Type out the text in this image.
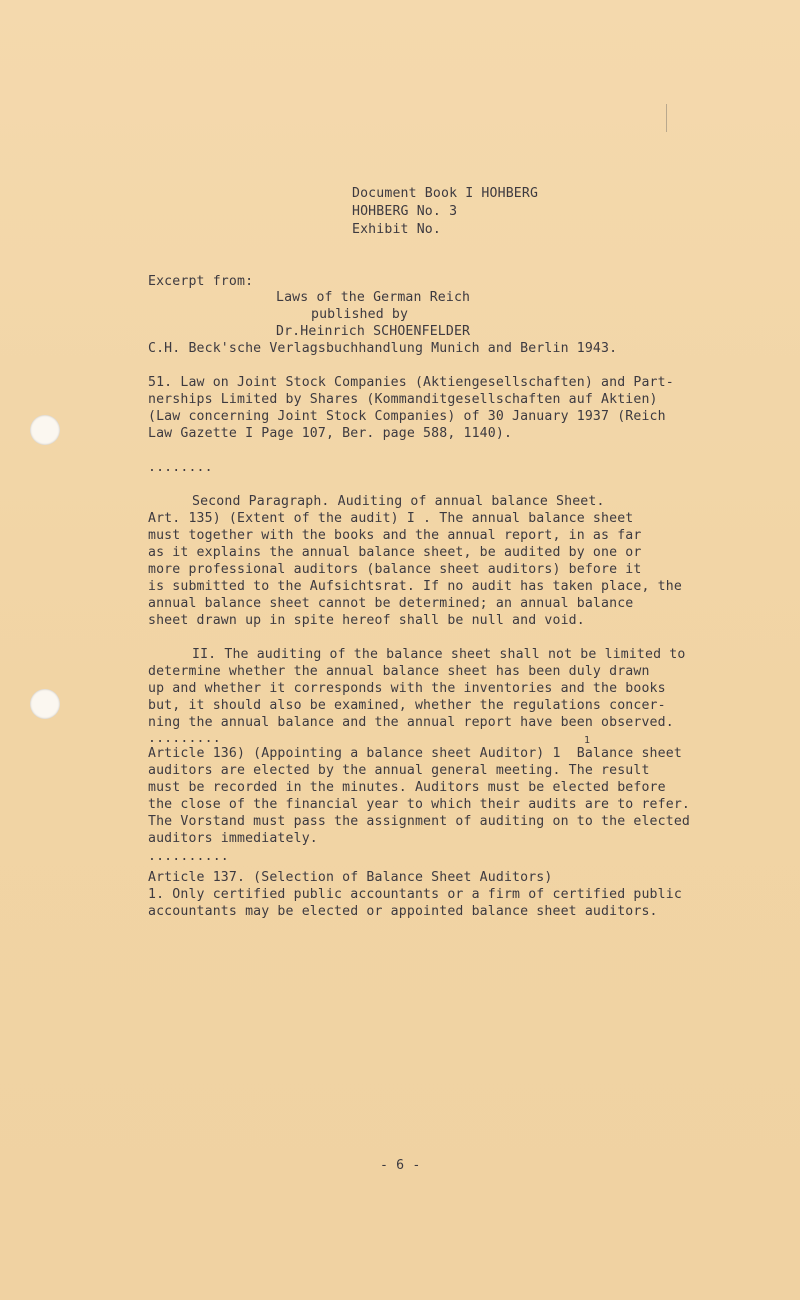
Document Book I HOHBERG
HOHBERG No. 3
Exhibit No.
Excerpt from:
Laws of the German Reich
published by
Dr.Heinrich SCHOENFELDER
C.H. Beck'sche Verlagsbuchhandlung Munich and Berlin 1943.
51. Law on Joint Stock Companies (Aktiengesellschaften) and Part-
nerships Limited by Shares (Kommanditgesellschaften auf Aktien)
(Law concerning Joint Stock Companies) of 30 January 1937 (Reich
Law Gazette I Page 107, Ber. page 588, 1140).
........
Second Paragraph. Auditing of annual balance Sheet.
Art. 135) (Extent of the audit) I . The annual balance sheet
must together with the books and the annual report, in as far
as it explains the annual balance sheet, be audited by one or
more professional auditors (balance sheet auditors) before it
is submitted to the Aufsichtsrat. If no audit has taken place, the
annual balance sheet cannot be determined; an annual balance
sheet drawn up in spite hereof shall be null and void.
II. The auditing of the balance sheet shall not be limited to
determine whether the annual balance sheet has been duly drawn
up and whether it corresponds with the inventories and the books
but, it should also be examined, whether the regulations concer-
ning the annual balance and the annual report have been observed.
.........	1
Article 136) (Appointing a balance sheet Auditor) 1  Balance sheet
auditors are elected by the annual general meeting. The result
must be recorded in the minutes. Auditors must be elected before
the close of the financial year to which their audits are to refer.
The Vorstand must pass the assignment of auditing on to the elected
auditors immediately.
..........
Article 137. (Selection of Balance Sheet Auditors)
1. Only certified public accountants or a firm of certified public
accountants may be elected or appointed balance sheet auditors.
- 6 -
